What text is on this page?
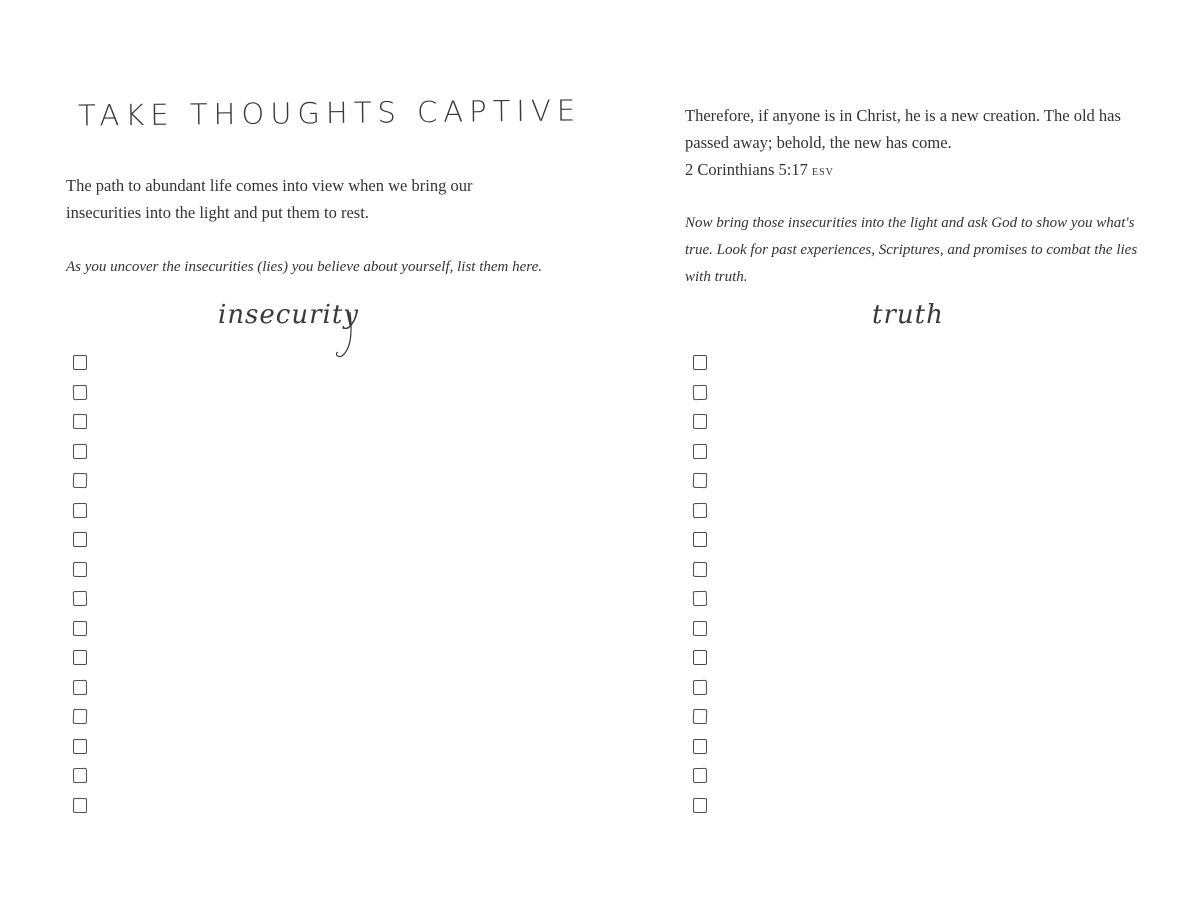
TAKE THOUGHTS CAPTIVE
The path to abundant life comes into view when we bring our insecurities into the light and put them to rest.
As you uncover the insecurities (lies) you believe about yourself, list them here.
insecurity
Therefore, if anyone is in Christ, he is a new creation. The old has passed away; behold, the new has come.
2 Corinthians 5:17 esv
Now bring those insecurities into the light and ask God to show you what's true. Look for past experiences, Scriptures, and promises to combat the lies with truth.
truth
